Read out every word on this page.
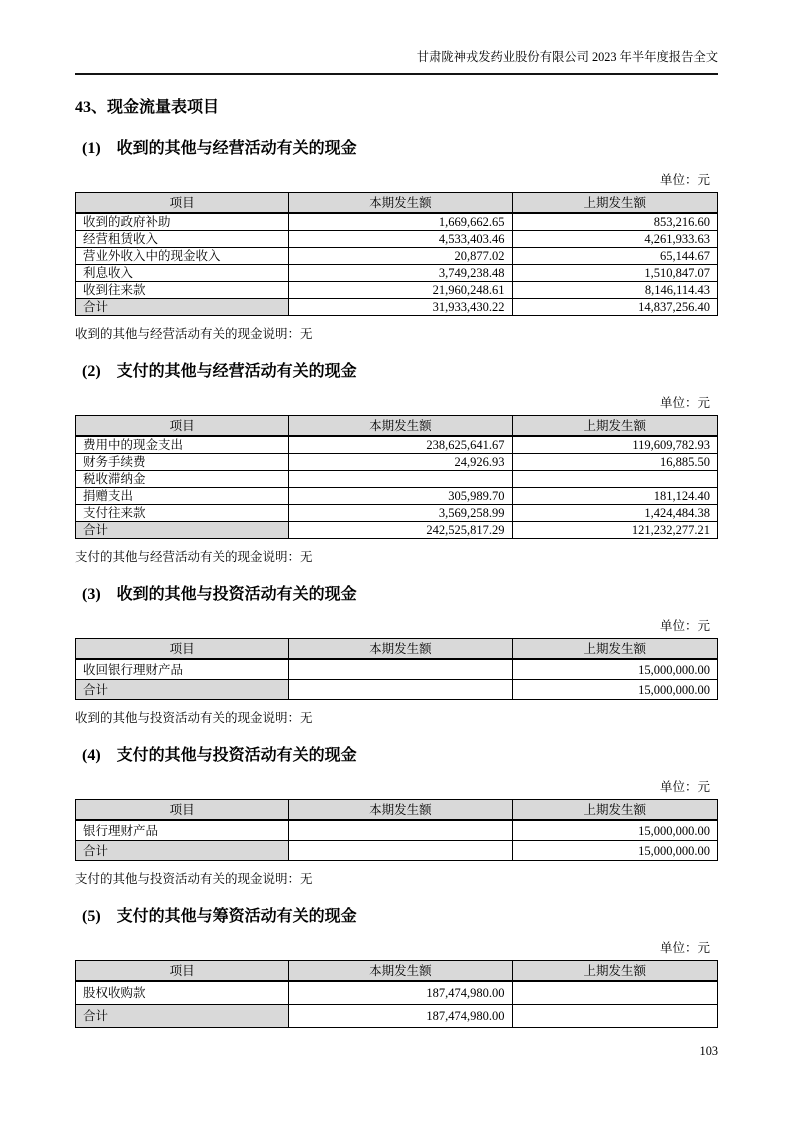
甘肃陇神戎发药业股份有限公司 2023 年半年度报告全文
43、现金流量表项目
(1)　收到的其他与经营活动有关的现金
单位：元
项目	本期发生额	上期发生额
收到的政府补助	1,669,662.65	853,216.60
经营租赁收入	4,533,403.46	4,261,933.63
营业外收入中的现金收入	20,877.02	65,144.67
利息收入	3,749,238.48	1,510,847.07
收到往来款	21,960,248.61	8,146,114.43
合计	31,933,430.22	14,837,256.40

收到的其他与经营活动有关的现金说明：无

(2)　支付的其他与经营活动有关的现金
单位：元
项目	本期发生额	上期发生额
费用中的现金支出	238,625,641.67	119,609,782.93
财务手续费	24,926.93	16,885.50
税收滞纳金		
捐赠支出	305,989.70	181,124.40
支付往来款	3,569,258.99	1,424,484.38
合计	242,525,817.29	121,232,277.21

支付的其他与经营活动有关的现金说明：无

(3)　收到的其他与投资活动有关的现金
单位：元
项目	本期发生额	上期发生额
收回银行理财产品		15,000,000.00
合计		15,000,000.00

收到的其他与投资活动有关的现金说明：无

(4)　支付的其他与投资活动有关的现金
单位：元
项目	本期发生额	上期发生额
银行理财产品		15,000,000.00
合计		15,000,000.00

支付的其他与投资活动有关的现金说明：无

(5)　支付的其他与筹资活动有关的现金
单位：元
项目	本期发生额	上期发生额
股权收购款	187,474,980.00	
合计	187,474,980.00	
103
